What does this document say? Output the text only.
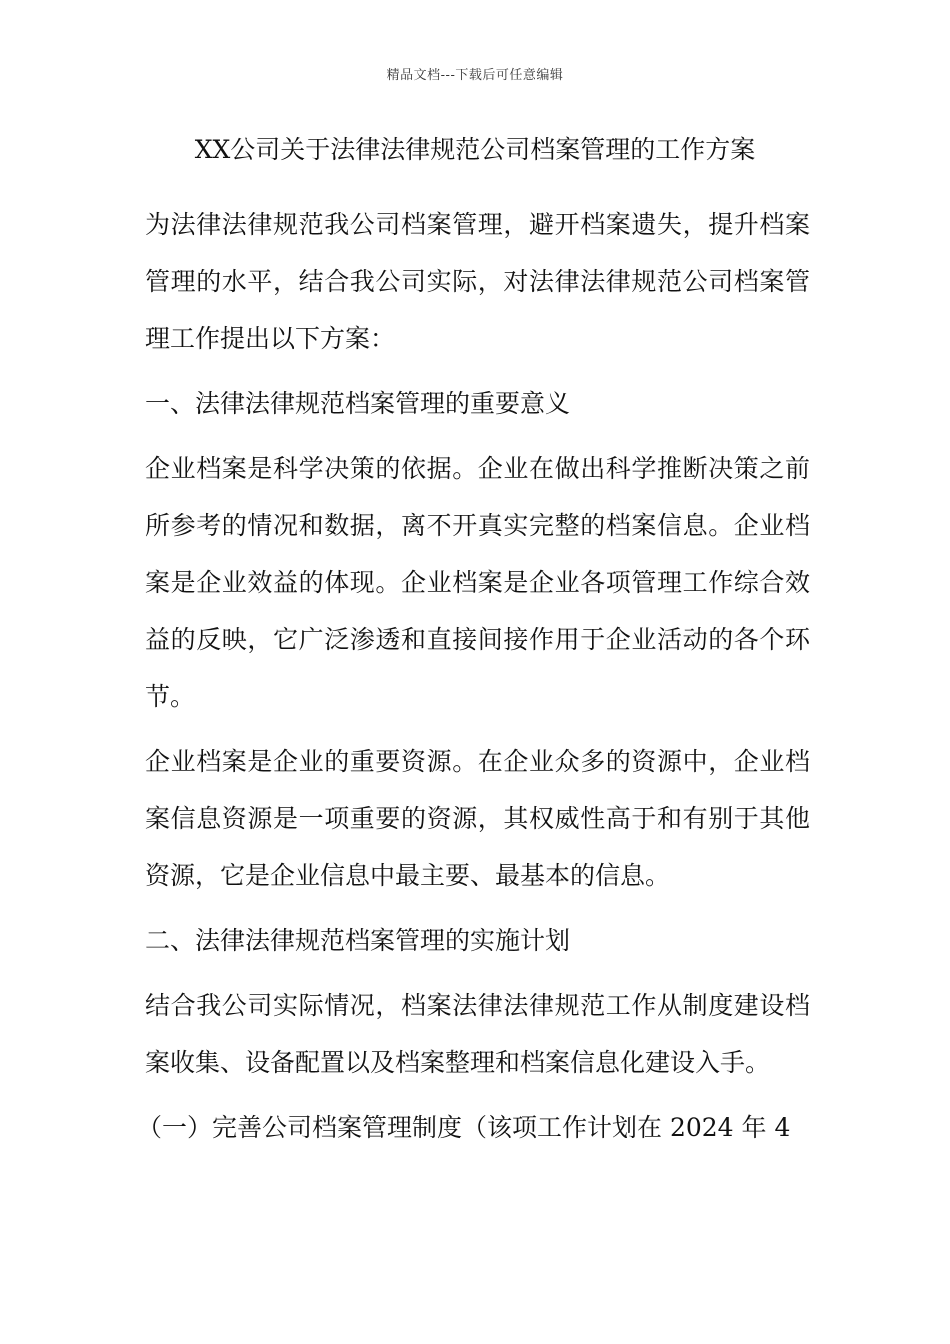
精品文档---下载后可任意编辑
XX公司关于法律法律规范公司档案管理的工作方案

为法律法律规范我公司档案管理，避开档案遗失，提升档案管理的水平，结合我公司实际，对法律法律规范公司档案管理工作提出以下方案：

一、法律法律规范档案管理的重要意义

企业档案是科学决策的依据。企业在做出科学推断决策之前所参考的情况和数据，离不开真实完整的档案信息。企业档案是企业效益的体现。企业档案是企业各项管理工作综合效益的反映，它广泛渗透和直接间接作用于企业活动的各个环节。

企业档案是企业的重要资源。在企业众多的资源中，企业档案信息资源是一项重要的资源，其权威性高于和有别于其他资源，它是企业信息中最主要、最基本的信息。

二、法律法律规范档案管理的实施计划

结合我公司实际情况，档案法律法律规范工作从制度建设档案收集、设备配置以及档案整理和档案信息化建设入手。

（一）完善公司档案管理制度（该项工作计划在 2024 年 4
